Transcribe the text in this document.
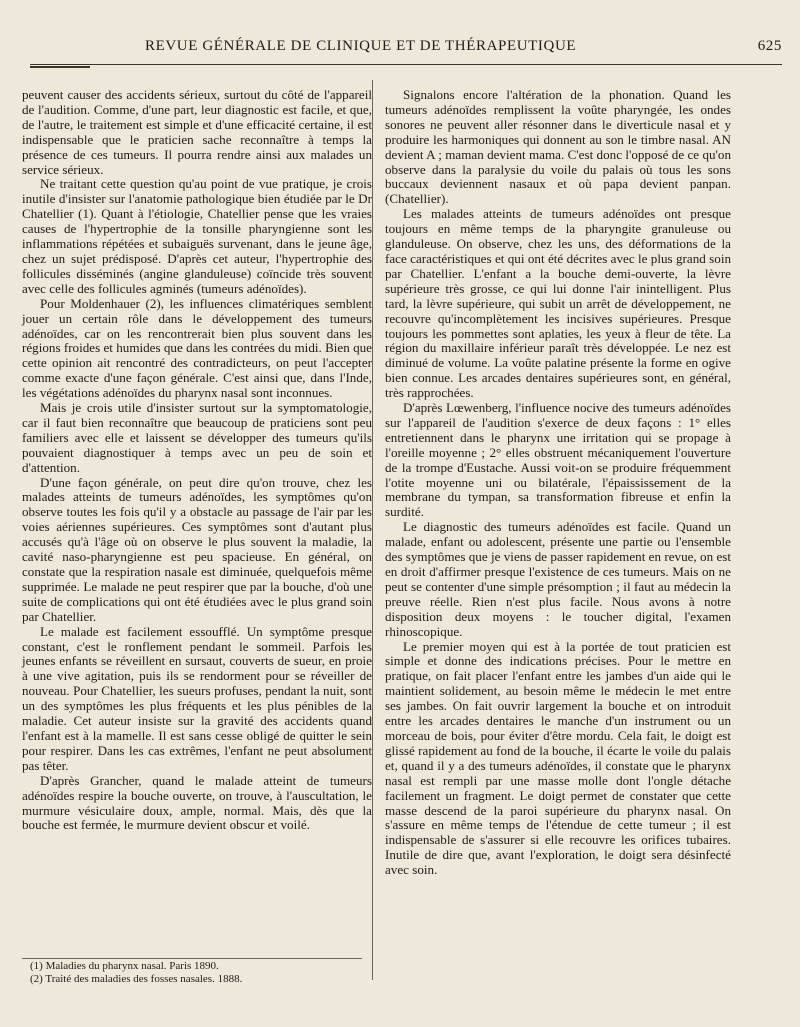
REVUE GÉNÉRALE DE CLINIQUE ET DE THÉRAPEUTIQUE	625

peuvent causer des accidents sérieux, surtout du côté de l'appareil de l'audition. Comme, d'une part, leur diagnostic est facile, et que, de l'autre, le traitement est simple et d'une efficacité certaine, il est indispensable que le praticien sache reconnaître à temps la présence de ces tumeurs. Il pourra rendre ainsi aux malades un service sérieux.

Ne traitant cette question qu'au point de vue pratique, je crois inutile d'insister sur l'anatomie pathologique bien étudiée par le Dr Chatellier (1). Quant à l'étiologie, Chatellier pense que les vraies causes de l'hypertrophie de la tonsille pharyngienne sont les inflammations répétées et subaiguës survenant, dans le jeune âge, chez un sujet prédisposé. D'après cet auteur, l'hypertrophie des follicules disséminés (angine glanduleuse) coïncide très souvent avec celle des follicules agminés (tumeurs adénoïdes).

Pour Moldenhauer (2), les influences climatériques semblent jouer un certain rôle dans le développement des tumeurs adénoïdes, car on les rencontrerait bien plus souvent dans les régions froides et humides que dans les contrées du midi. Bien que cette opinion ait rencontré des contradicteurs, on peut l'accepter comme exacte d'une façon générale. C'est ainsi que, dans l'Inde, les végétations adénoïdes du pharynx nasal sont inconnues.

Mais je crois utile d'insister surtout sur la symptomatologie, car il faut bien reconnaître que beaucoup de praticiens sont peu familiers avec elle et laissent se développer des tumeurs qu'ils pouvaient diagnostiquer à temps avec un peu de soin et d'attention.

D'une façon générale, on peut dire qu'on trouve, chez les malades atteints de tumeurs adénoïdes, les symptômes qu'on observe toutes les fois qu'il y a obstacle au passage de l'air par les voies aériennes supérieures. Ces symptômes sont d'autant plus accusés qu'à l'âge où on observe le plus souvent la maladie, la cavité naso-pharyngienne est peu spacieuse. En général, on constate que la respiration nasale est diminuée, quelquefois même supprimée. Le malade ne peut respirer que par la bouche, d'où une suite de complications qui ont été étudiées avec le plus grand soin par Chatellier.

Le malade est facilement essoufflé. Un symptôme presque constant, c'est le ronflement pendant le sommeil. Parfois les jeunes enfants se réveillent en sursaut, couverts de sueur, en proie à une vive agitation, puis ils se rendorment pour se réveiller de nouveau. Pour Chatellier, les sueurs profuses, pendant la nuit, sont un des symptômes les plus fréquents et les plus pénibles de la maladie. Cet auteur insiste sur la gravité des accidents quand l'enfant est à la mamelle. Il est sans cesse obligé de quitter le sein pour respirer. Dans les cas extrêmes, l'enfant ne peut absolument pas têter.

D'après Grancher, quand le malade atteint de tumeurs adénoïdes respire la bouche ouverte, on trouve, à l'auscultation, le murmure vésiculaire doux, ample, normal. Mais, dès que la bouche est fermée, le murmure devient obscur et voilé.

Signalons encore l'altération de la phonation. Quand les tumeurs adénoïdes remplissent la voûte pharyngée, les ondes sonores ne peuvent aller résonner dans le diverticule nasal et y produire les harmoniques qui donnent au son le timbre nasal. AN devient A ; maman devient mama. C'est donc l'opposé de ce qu'on observe dans la paralysie du voile du palais où tous les sons buccaux deviennent nasaux et où papa devient panpan. (Chatellier).

Les malades atteints de tumeurs adénoïdes ont presque toujours en même temps de la pharyngite granuleuse ou glanduleuse. On observe, chez les uns, des déformations de la face caractéristiques et qui ont été décrites avec le plus grand soin par Chatellier. L'enfant a la bouche demi-ouverte, la lèvre supérieure très grosse, ce qui lui donne l'air inintelligent. Plus tard, la lèvre supérieure, qui subit un arrêt de développement, ne recouvre qu'incomplètement les incisives supérieures. Presque toujours les pommettes sont aplaties, les yeux à fleur de tête. La région du maxillaire inférieur paraît très développée. Le nez est diminué de volume. La voûte palatine présente la forme en ogive bien connue. Les arcades dentaires supérieures sont, en général, très rapprochées.

D'après Lœwenberg, l'influence nocive des tumeurs adénoïdes sur l'appareil de l'audition s'exerce de deux façons : 1° elles entretiennent dans le pharynx une irritation qui se propage à l'oreille moyenne ; 2° elles obstruent mécaniquement l'ouverture de la trompe d'Eustache. Aussi voit-on se produire fréquemment l'otite moyenne uni ou bilatérale, l'épaississement de la membrane du tympan, sa transformation fibreuse et enfin la surdité.

Le diagnostic des tumeurs adénoïdes est facile. Quand un malade, enfant ou adolescent, présente une partie ou l'ensemble des symptômes que je viens de passer rapidement en revue, on est en droit d'affirmer presque l'existence de ces tumeurs. Mais on ne peut se contenter d'une simple présomption ; il faut au médecin la preuve réelle. Rien n'est plus facile. Nous avons à notre disposition deux moyens : le toucher digital, l'examen rhinoscopique.

Le premier moyen qui est à la portée de tout praticien est simple et donne des indications précises. Pour le mettre en pratique, on fait placer l'enfant entre les jambes d'un aide qui le maintient solidement, au besoin même le médecin le met entre ses jambes. On fait ouvrir largement la bouche et on introduit entre les arcades dentaires le manche d'un instrument ou un morceau de bois, pour éviter d'être mordu. Cela fait, le doigt est glissé rapidement au fond de la bouche, il écarte le voile du palais et, quand il y a des tumeurs adénoïdes, il constate que le pharynx nasal est rempli par une masse molle dont l'ongle détache facilement un fragment. Le doigt permet de constater que cette masse descend de la paroi supérieure du pharynx nasal. On s'assure en même temps de l'étendue de cette tumeur ; il est indispensable de s'assurer si elle recouvre les orifices tubaires. Inutile de dire que, avant l'exploration, le doigt sera désinfecté avec soin.

(1) Maladies du pharynx nasal. Paris 1890.
(2) Traité des maladies des fosses nasales. 1888.
